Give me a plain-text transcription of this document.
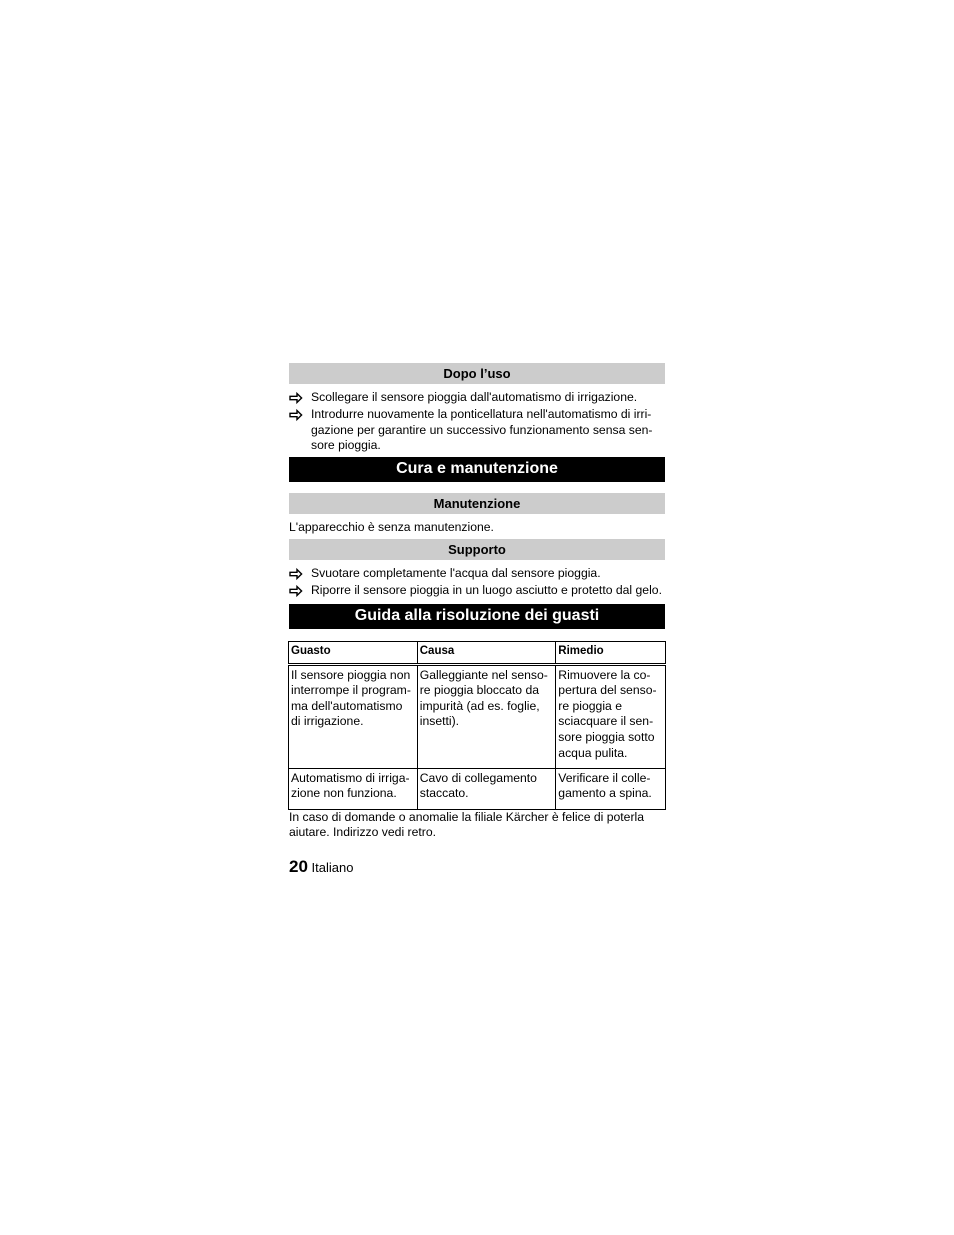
Dopo l’uso
Scollegare il sensore pioggia dall'automatismo di irrigazione.
Introdurre nuovamente la ponticellatura nell'automatismo di irri- gazione per garantire un successivo funzionamento sensa sen- sore pioggia.
Cura e manutenzione
Manutenzione

L'apparecchio è senza manutenzione.

Supporto
Svuotare completamente l'acqua dal sensore pioggia.
Riporre il sensore pioggia in un luogo asciutto e protetto dal gelo.
Guida alla risoluzione dei guasti
Guasto	Causa	Rimedio
Il sensore pioggia non interrompe il program- ma dell'automatismo di irrigazione.	Galleggiante nel senso- re pioggia bloccato da impurità (ad es. foglie, insetti).	Rimuovere la co- pertura del senso- re pioggia e sciacquare il sen- sore pioggia sotto acqua pulita.
Automatismo di irriga- zione non funziona.	Cavo di collegamento staccato.	Verificare il colle- gamento a spina.

In caso di domande o anomalie la filiale Kärcher è felice di poterla aiutare. Indirizzo vedi retro.

20 Italiano
